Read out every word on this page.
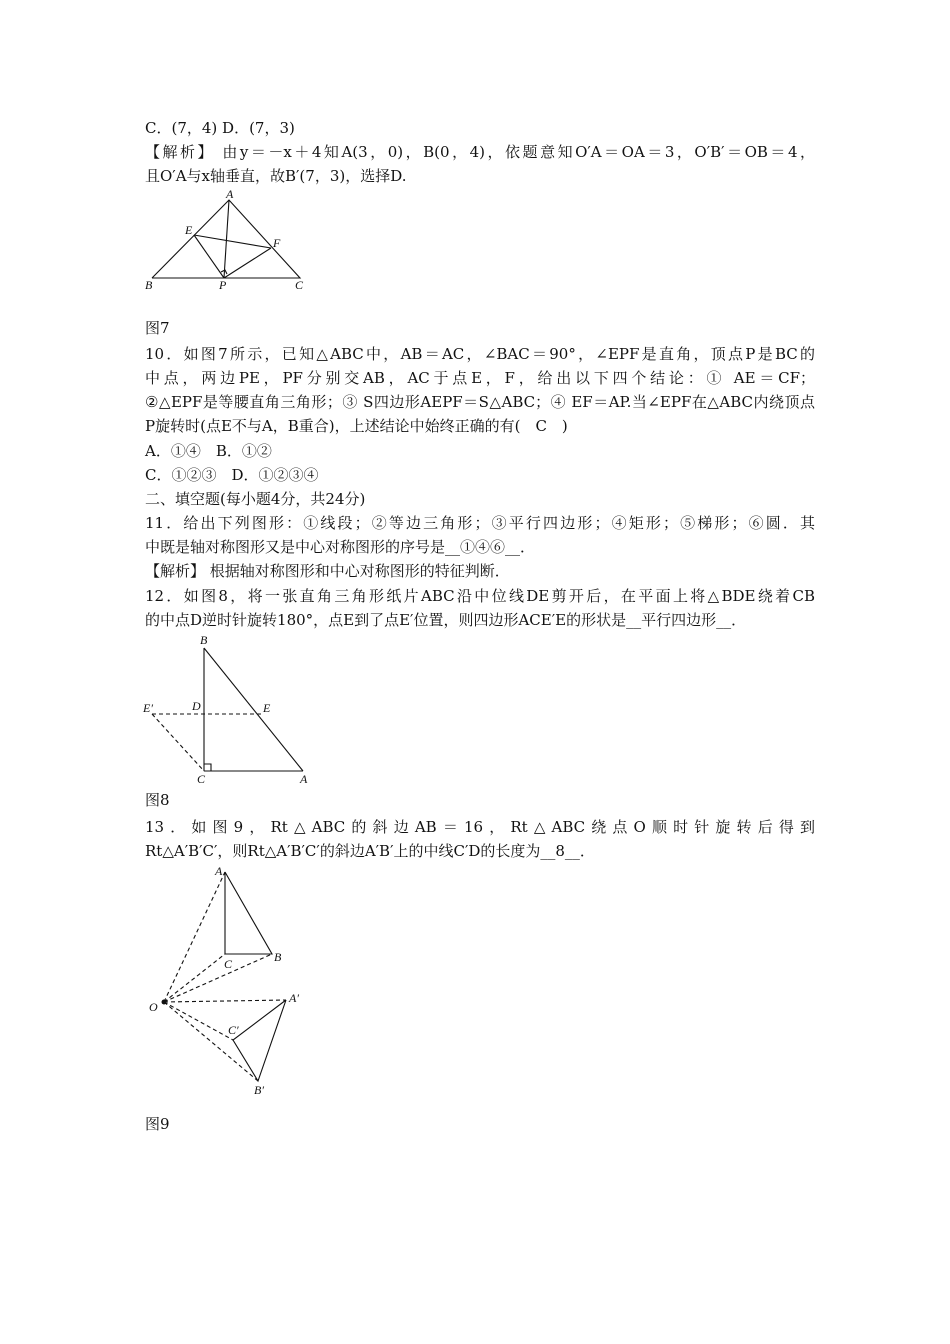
C．(7，4) D．(7，3)
【解析】 由y＝－x＋4知A(3，0)，B(0，4)，依题意知O′A＝OA＝3，O′B′＝OB＝4，
且O′A与x轴垂直，故B′(7，3)，选择D.
A
E
F
B	P	C
图7
10．如图7所示，已知△ABC中，AB＝AC，∠BAC＝90°，∠EPF是直角，顶点P是BC的
中点，两边PE，PF分别交AB，AC于点E，F，给出以下四个结论：① AE＝CF；
②△EPF是等腰直角三角形；③ S四边形AEPF＝S△ABC；④ EF＝AP.当∠EPF在△ABC内绕顶点
P旋转时(点E不与A，B重合)，上述结论中始终正确的有(　C　)
A．①④　B．①②
C．①②③　D．①②③④
二、填空题(每小题4分，共24分)
11．给出下列图形：①线段；②等边三角形；③平行四边形；④矩形；⑤梯形；⑥圆．其
中既是轴对称图形又是中心对称图形的序号是__①④⑥__．
【解析】 根据轴对称图形和中心对称图形的特征判断．
12．如图8，将一张直角三角形纸片ABC沿中位线DE剪开后，在平面上将△BDE绕着CB
的中点D逆时针旋转180°，点E到了点E′位置，则四边形ACE′E的形状是__平行四边形__．
B
E′	D	E
C	A
图8
13．如图9，Rt△ABC的斜边AB＝16，Rt△ABC绕点O顺时针旋转后得到
Rt△A′B′C′，则Rt△A′B′C′的斜边A′B′上的中线C′D的长度为__8__．
A
C	B
O
A′
C′
B′
图9
